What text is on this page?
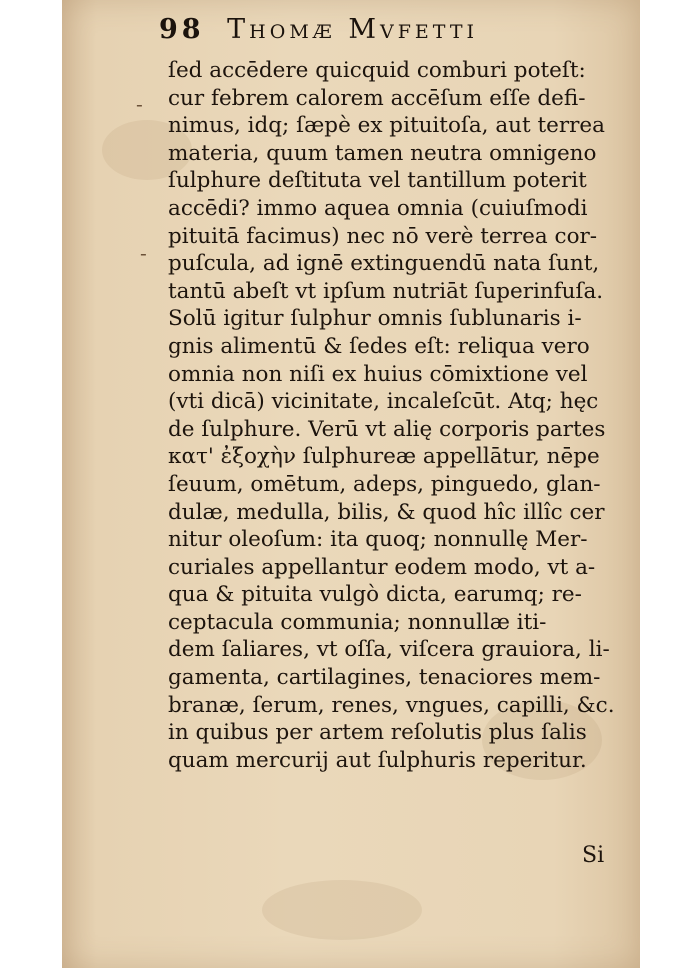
-
-
98 Thomæ Mvfetti
ſed accēdere quicquid comburi poteſt:
cur febrem calorem accēſum eſſe defi-
nimus, idq; ſæpè ex pituitoſa, aut terrea
materia, quum tamen neutra omnigeno
ſulphure deſtituta vel tantillum poterit
accēdi? immo aquea omnia (cuiuſmodi
pituitā facimus) nec nō verè terrea cor-
puſcula, ad ignē extinguendū nata ſunt,
tantū abeſt vt ipſum nutriāt ſuperinfuſa.
Solū igitur ſulphur omnis ſublunaris i-
gnis alimentū & ſedes eſt: reliqua vero
omnia non niſi ex huius cōmixtione vel
(vti dicā) vicinitate, incaleſcūt. Atq; hęc
de ſulphure. Verū vt alię corporis partes
κατ' ἐξοχὴν ſulphureæ appellātur, nēpe
ſeuum, omētum, adeps, pinguedo, glan-
dulæ, medulla, bilis, & quod hîc illîc cer
nitur oleoſum: ita quoq; nonnullę Mer-
curiales appellantur eodem modo, vt a-
qua & pituita vulgò dicta, earumq; re-
ceptacula communia; nonnullæ iti-
dem ſaliares, vt oſſa, viſcera grauiora, li-
gamenta, cartilagines, tenaciores mem-
branæ, ſerum, renes, vngues, capilli, &c.
in quibus per artem reſolutis plus ſalis
quam mercurij aut ſulphuris reperitur.
Si
